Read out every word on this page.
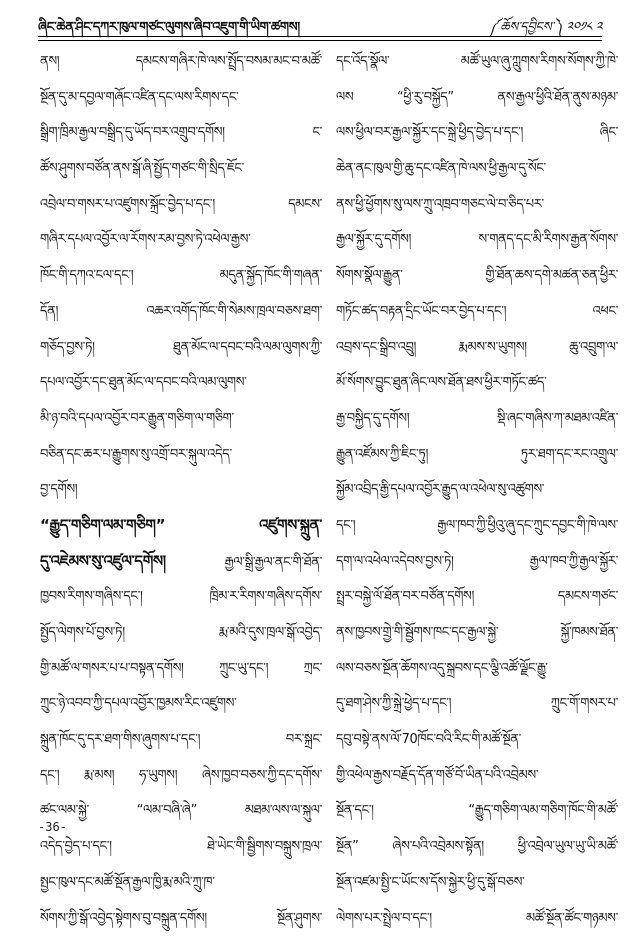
ཞིང་ཆེན་ཤིང་དཀར་ཁུལ་གཙང་ལུགས་ཞིབ་འཇུག་གི་ཡིག་ཚགས།	༼ཆོས་དབྱིངས་༽ ༢༠༡༨ ༢
ནས། དམངས་གཞིར་ཁེ་ལས་སྤྲོད་བསམ་མང་བ་མཚོ་
སྔོན་དུ་མ་དབྱལ་གཞོང་འཛིན་དང་ལས་རིགས་དང་
སྒྲིག་ཁྲིམ་རྒྱལ་བསྒྲིད་དུ་ཡོད་བར་འགྲུབ་དགོས། ང་
ཚོས་ཤུགས་བཙོན་ནས་སྒོ་ཞི་སྤྱོད་གཙང་གི་སྲིད་ཇོང་
འབྲེལ་བ་གསར་པ་འཛུགས་སྐྲོང་བྱེད་པ་དང་། དམངས་
གཞིར་དཔལ་འབྱོར་ལ་རོགས་རམ་བྱས་ཏེ་འཕེལ་རྒྱས་
ཁོང་གི་དཀའ་ངལ་དང་། མདུན་སྐྱོད་ཁོང་གི་གཞན་
དོན། འཆར་འགོད་ཁོང་གི་སེམས་ཁྲལ་བཅས་ཐག་
གཅོད་བྱས་ཏེ། ཐུན་མོང་ལ་དབང་བའི་ལམ་ལུགས་ཀྱི་
དཔལ་འབྱོར་དང་ཐུན་མོང་ལ་དབང་བའི་ལམ་ལུགས་
མི་ཉ་བའི་དཔལ་འབྱོར་བར་རྒྱུན་གཅིག་ལ་གཅིག་
བཅིན་དང་ཆར་པ་རྒྱུགས་སུ་འགྲོ་བར་སྐུལ་འདེད་
བྱ་དགོས།
“རྒྱུད་གཅིག་ལམ་གཅིག” འཛུགས་སྐྲུན་
དུ་འཇེམས་སུ་འཛུལ་དགོས། རྒྱལ་སྒྲི་རྒྱལ་ནང་གི་ཐོན་
ཁྱབས་རིགས་གཞིས་དང་། ཁྲིམ་ར་རིགས་གཞིས་དགོས་
སྤྱོད་ལེགས་པོ་བྱས་ཏེ། རྨ་མའི་དུས་ཁྲལ་སྒོ་འབྱེད་
གྱི་མཚོ་ལ་གསར་པ་པ་བསྟན་དགོས། ཀྲུང་ཡུ་དང་། ཀྲང་
ཀྲུང་ཉེ་འབབ་ཀྱི་དཔལ་འབྱོར་ཁྱམས་རིང་འཛུགས་
སྐྲུན་ཁོང་དུ་དར་ཐག་གིས་ཞུགས་པ་དང་། བར་སྐྲང་
དང་། རྨ་མས། ཧ་ཡུགས། ཞེས་ཁྱབ་བཅས་ཀྱི་དང་དགོས་
ཚང་ལམ་སྐྱེ་ “ལམ་བཞི་ཞེ” མཐམ་ལས་ལ་སྐུལ་
འདེད་བྱེད་པ་དང་། ཐེ་ཡེང་གི་སྦྱིགས་བསྐྲུས་ཁྲལ་
སྤྱང་ཁུལ་དང་མཚོ་སྔོན་རྒྱལ་ཁྱི་རྨ་མའི་ཀྲུ་ཁ་
སོགས་ཀྱི་སྒོ་འབྱེད་སྟེགས་བུ་བསྐྲུན་དགོས། སྔོན་ཤུགས་
དང་འོད་སྣོལ་ མཚོ་ཡུལ་ཞུ་ཀླུགས་རིགས་སོགས་ཀྱི་ཁེ་
ལས “ཕྱི་རུ་བསྐྱོད” ནས་རྒྱལ་ཕྱིའི་ཐོན་ནུས་མཉམ་
ལས་ཕྱིལ་བར་རྒྱལ་སྐྱོར་དང་སྐྲེ་ཕྱིད་བྱེད་པ་དང་། ཞིང་
ཆེན་ནང་ཁུལ་གྱི་ཆུ་དང་འཛིན་ཁེ་ལས་ཕྱི་རྒྱལ་དུ་སོང་
ནས་ཕྱི་ཕྱོགས་སུ་ལས་ཀྲུ་འཁྲབ་གཅང་ལེ་བ་ཅིད་པར་
རྒྱལ་སྐྱོར་དུ་དགོས། ས་གནད་དང་མི་རིགས་རྒྱན་སོགས་
སོགས་སྣོལ་རྒྱུན་ གྱི་ཐོན་ཆས་དགེ་མཚན་ཅན་ཕྱིར་
གཏོང་ཚད་བརྟན་དྲིང་ཡོང་བར་བྱེད་པ་དང་། འཕང་
འབྲས་དང་སྒྲིབ་འབྲུ། རྨམས་ས་ཡུགས། ཆུ་འབྲུག་ལ་
མོ་སོགས་བྱུང་ཐུན་ཞིང་ལས་ཐོན་ཐས་ཕྱིར་གཏོང་ཚད་
རྒྱ་བསྐྱིད་དུ་དགོས། སྡི་ཞང་གཞིས་ཀ་མཐམ་འཛིན་
རྒྱུན་འཛོམས་ཀྱི་ཇིང་ཏུ། ཏུར་ཐག་དང་རང་འགྲུལ་
སྐྱོམ་འབྲིད་རྒྱི་དཔལ་འབྱོར་རྒྱུད་ལ་འཕེལ་སུ་འཚུགས་
དང་། རྒྱལ་ཁབ་ཀྱི་ཕྱིའུ་ཞུ་དང་ཀྲུང་དབྱང་གི་ཁེ་ལས་
དག་ལ་འཕེལ་འདེབས་བྱས་ཏེ། རྒྱལ་ཁབ་ཀྱི་རྒྱལ་སྐྱོར་
སྤྲར་བསྐྱེ་ལོ་ཐོན་བར་བཙོན་དགོས། དམངས་གཙང་
ནས་ཁྱབས་གྲྱེ་གི་སྦྱོགས་ཁང་དང་རྒྱལ་སྐྱེ་ སྐྱོ་ཁམས་ཐོན་
ལས་བཅས་སྔོན་ཆོགས་འདུ་སྐྲབས་དང་ལྕི་འཚོ་ལྗོང་རྒྱུ་
དུ་ཐག་ཤེས་ཀྱི་སྐྲེ་ཕྱེད་པ་དང་། ཀྲུང་གོ་གསར་པ་
དབུ་བསྟེ་ནས་ལོ་70ཁོང་བའི་རིང་གི་མཚོ་སྔོན་
གྱི་འཕེལ་རྒྱས་བརྗོད་དོན་གཙོ་བོ་ཡིན་པའི་འབྲེམས་
སྔོན་དང་། “རྒྱུད་གཅིག་ལམ་གཅིག་ཁོང་གི་མཚོ་
སྔོན” ཞེས་པའི་འབྲེམས་སྟོན། ཕྱི་འབྲེལ་ཡུལ་ཡུ་ཡི་མཚོ་
སྔོན་འཛམ་སྤྱི་ང་ཡོང་ས་དོས་སྐྱེར་ཕྱི་དུ་སྒོ་བཅས་
ལེགས་པར་སྤྲེལ་བ་དང་། མཚོ་སྔོན་ཚོང་གཉམས་
-36-
